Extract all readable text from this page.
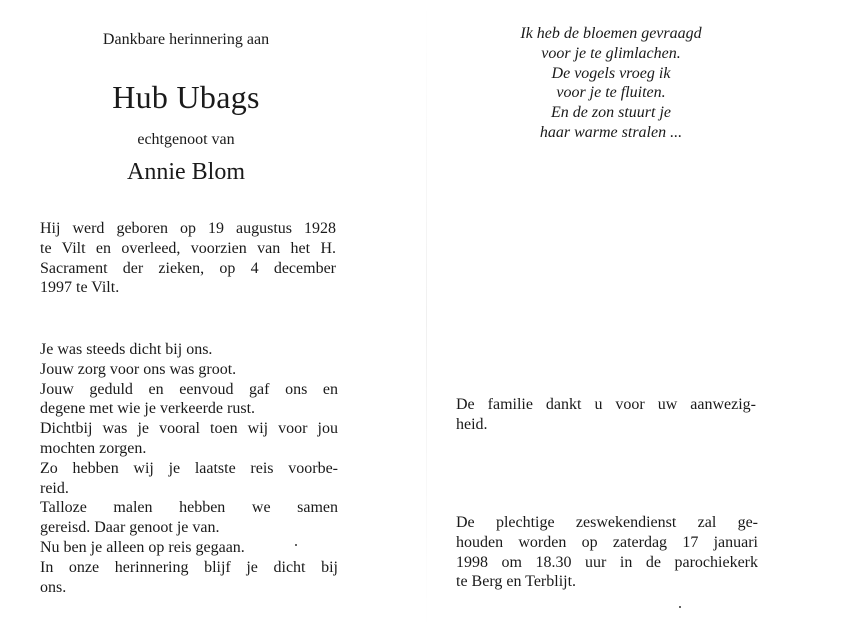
Dankbare herinnering aan
Hub Ubags
echtgenoot van
Annie Blom
Hij werd geboren op 19 augustus 1928
te Vilt en overleed, voorzien van het H.
Sacrament der zieken, op 4 december
1997 te Vilt.
Je was steeds dicht bij ons.
Jouw zorg voor ons was groot.
Jouw geduld en eenvoud gaf ons en
degene met wie je verkeerde rust.
Dichtbij was je vooral toen wij voor jou
mochten zorgen.
Zo hebben wij je laatste reis voorbe-
reid.
Talloze malen hebben we samen
gereisd. Daar genoot je van.
Nu ben je alleen op reis gegaan.
In onze herinnering blijf je dicht bij
ons.
Ik heb de bloemen gevraagd
voor je te glimlachen.
De vogels vroeg ik
voor je te fluiten.
En de zon stuurt je
haar warme stralen ...
De familie dankt u voor uw aanwezig-
heid.
De plechtige zeswekendienst zal ge-
houden worden op zaterdag 17 januari
1998 om 18.30 uur in de parochiekerk
te Berg en Terblijt.
